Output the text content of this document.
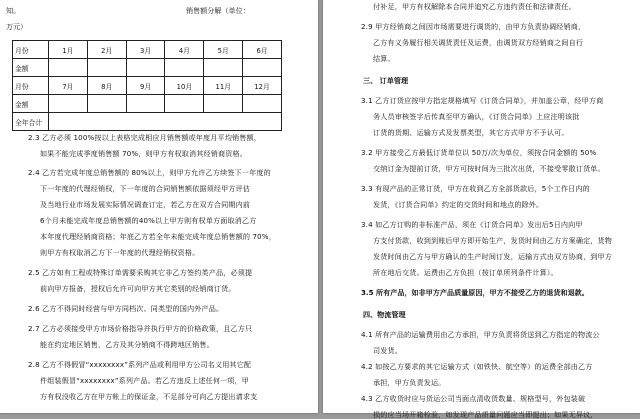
知。	销售额分解（单位：
万元）
月份	1月	2月	3月	4月	5月	6月
金额						
月份	7月	8月	9月	10月	11月	12月
金额						
全年合计						
2.3 乙方必须 100%按以上表格完成相应月销售额或年度月平均销售额，
如果不能完成季度销售额 70%，则甲方有权取消其经销商资格。
2.4 乙方若完成年度总销售额的 80%以上，则甲方允许乙方续签下一年度的
下一年度的代理经销权，下一年度的合同销售额依据须经甲方评估
及当地行业市场发展实际情况调查订定，若乙方在双方合同期内前
6个月未能完成年度总销售额的40%以上甲方则有权单方面取消乙方
本年度代理经销商资格；年底乙方若全年未能完成年度总销售额的 70%，
则甲方有权取消乙方下一年度的代理经销权资格。
2.5 乙方如有工程或特殊订单需要采购其它非乙方签约类产品，必须提
前向甲方报备，授权后允许可向甲方其它类别的经销商订货。
2.6 乙方不得同时经营与甲方同档次、同类型的国内外产品。
2.7 乙方必须接受甲方市场价格指导并执行甲方的价格政策，且乙方只
能在约定地区销售，乙方及其分销商不得跨地区销售。
2.8 乙方不得假冒“xxxxxxxx”系列产品或利用甲方公司名义用其它配
件组装假冒“xxxxxxxx”系列产品。若乙方违反上述任何一项，甲
方有权没收乙方在甲方帐上的保证金，不足部分可向乙方提出请求支
付补足，甲方有权解除本合同并追究乙方违约责任和法律责任。
2.9 甲方经销商之间因市场需要进行调货的，由甲方负责协调经销商，
乙方有义务履行相关调货责任及运费，由调货双方经销商之间自行
结算。
三、 订单管理
3.1 乙方订货应按甲方指定规格填写《订货合同单》，并加盖公章，经甲方商
务人员审核签字后传真至甲方确认，《订货合同单》上应注明该批
订货的货期、运输方式及发票类型，其它方式甲方不予认可。
3.2 甲方接受乙方最低订货单位以 50万/次为单位，须按合同金额的 50%
交纳订金为提前订货，甲方可按时间为三批次出货，不接受零散订货单。
3.3 有现产品的正常订货，甲方在收到乙方全部货款后，5个工作日内的
发货，《订货合同单》约定的交货时间和地点的除外。
3.4 如乙方订购的非标准产品，须在《订货合同单》发出后5日内向甲
方支付货款，收到到账后甲方即开始生产，发货时间由乙方方案确定，货物
发货时间由乙方与甲方确认的生产时间订发，运输方式由双方协商，到甲方
所在地后交货。运费由乙方负担（按订单所列条件计算）。
3.5 所有产品，如非甲方产品质量原因，甲方不接受乙方的退货和退款。
四、物流管理
4.1 所有产品的运输费用由乙方承担，甲方负责将货送到乙方指定的物流公
司发货。
4.2 如按乙方要求的其它运输方式（如铁快、航空等）的运费全部由乙方
承担，甲方负责发运。
4.3 乙方收货时应与货运公司当面点清收货数量、规格型号，外包装破
损的应当场开箱检验，如发现产品质量问题应当即提出；如果无异议，
